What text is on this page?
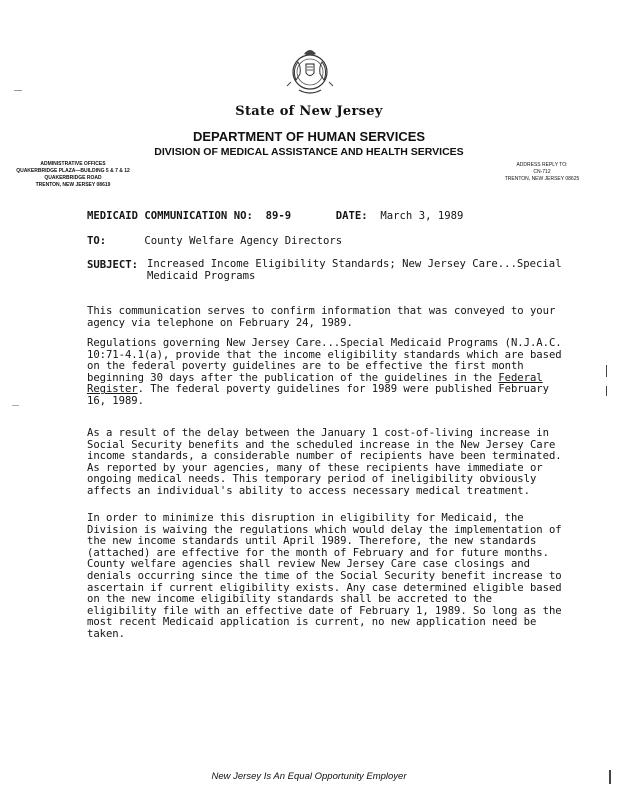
State of New Jersey
DEPARTMENT OF HUMAN SERVICES
DIVISION OF MEDICAL ASSISTANCE AND HEALTH SERVICES
ADMINISTRATIVE OFFICES
QUAKERBRIDGE PLAZA—BUILDING 5 & 7 & 12
QUAKERBRIDGE ROAD
TRENTON, NEW JERSEY 08619
ADDRESS REPLY TO:
CN-712
TRENTON, NEW JERSEY 08625
MEDICAID COMMUNICATION NO: 89-9	DATE: March 3, 1989
TO:	County Welfare Agency Directors
SUBJECT: Increased Income Eligibility Standards; New Jersey Care...Special Medicaid Programs

This communication serves to confirm information that was conveyed to your agency via telephone on February 24, 1989.

Regulations governing New Jersey Care...Special Medicaid Programs (N.J.A.C. 10:71-4.1(a), provide that the income eligibility standards which are based on the federal poverty guidelines are to be effective the first month beginning 30 days after the publication of the guidelines in the Federal Register. The federal poverty guidelines for 1989 were published February 16, 1989.

As a result of the delay between the January 1 cost-of-living increase in Social Security benefits and the scheduled increase in the New Jersey Care income standards, a considerable number of recipients have been terminated. As reported by your agencies, many of these recipients have immediate or ongoing medical needs. This temporary period of ineligibility obviously affects an individual's ability to access necessary medical treatment.

In order to minimize this disruption in eligibility for Medicaid, the Division is waiving the regulations which would delay the implementation of the new income standards until April 1989. Therefore, the new standards (attached) are effective for the month of February and for future months. County welfare agencies shall review New Jersey Care case closings and denials occurring since the time of the Social Security benefit increase to ascertain if current eligibility exists. Any case determined eligible based on the new income eligibility standards shall be accreted to the eligibility file with an effective date of February 1, 1989. So long as the most recent Medicaid application is current, no new application need be taken.

New Jersey Is An Equal Opportunity Employer
